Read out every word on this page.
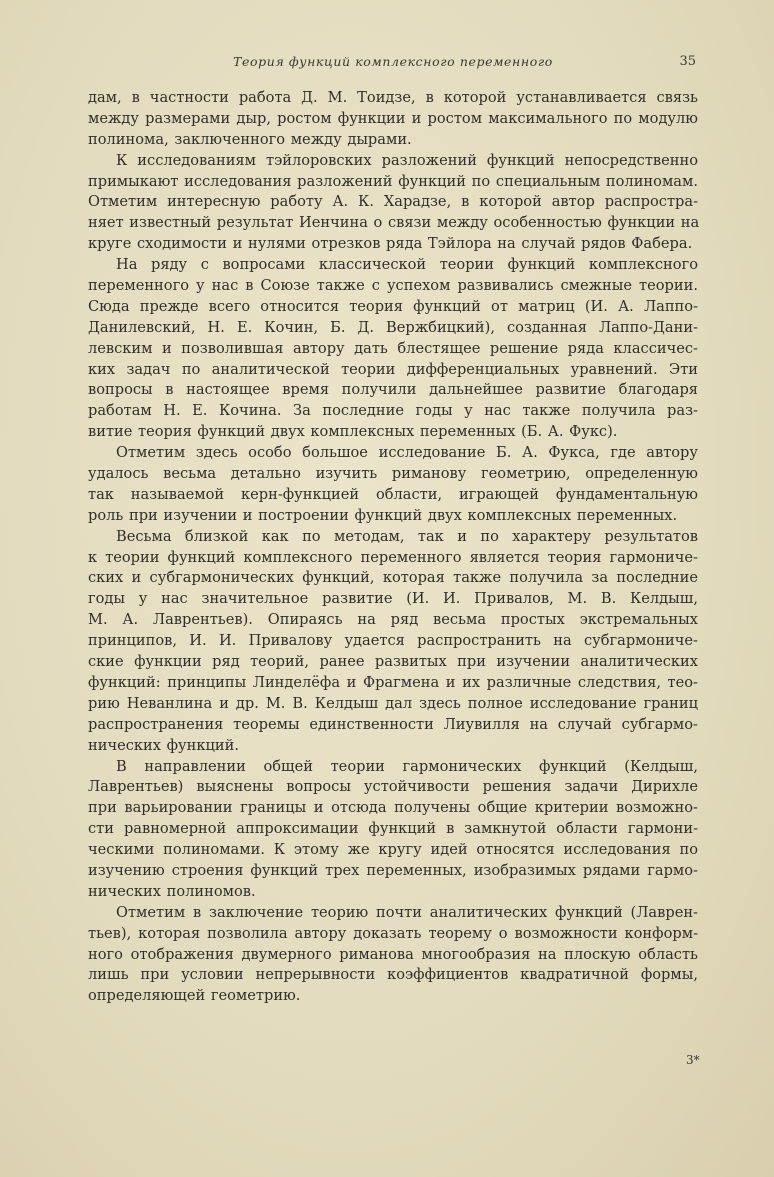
Теория функций комплексного переменного	35
дам, в частности работа Д. М. Тоидзе, в которой устанавливается связь
между размерами дыр, ростом функции и ростом максимального по модулю
полинома, заключенного между дырами.
К исследованиям тэйлоровских разложений функций непосредственно
примыкают исследования разложений функций по специальным полиномам.
Отметим интересную работу А. К. Харадзе, в которой автор распростра-
няет известный результат Иенчина о связи между особенностью функции на
круге сходимости и нулями отрезков ряда Тэйлора на случай рядов Фабера.
На ряду с вопросами классической теории функций комплексного
переменного у нас в Союзе также с успехом развивались смежные теории.
Сюда прежде всего относится теория функций от матриц (И. А. Лаппо-
Данилевский, Н. Е. Кочин, Б. Д. Вержбицкий), созданная Лаппо-Дани-
левским и позволившая автору дать блестящее решение ряда классичес-
ких задач по аналитической теории дифференциальных уравнений. Эти
вопросы в настоящее время получили дальнейшее развитие благодаря
работам Н. Е. Кочина. За последние годы у нас также получила раз-
витие теория функций двух комплексных переменных (Б. А. Фукс).
Отметим здесь особо большое исследование Б. А. Фукса, где автору
удалось весьма детально изучить риманову геометрию, определенную
так называемой керн-функцией области, играющей фундаментальную
роль при изучении и построении функций двух комплексных переменных.
Весьма близкой как по методам, так и по характеру результатов
к теории функций комплексного переменного является теория гармониче-
ских и субгармонических функций, которая также получила за последние
годы у нас значительное развитие (И. И. Привалов, М. В. Келдыш,
М. А. Лаврентьев). Опираясь на ряд весьма простых экстремальных
принципов, И. И. Привалову удается распространить на субгармониче-
ские функции ряд теорий, ранее развитых при изучении аналитических
функций: принципы Линделёфа и Фрагмена и их различные следствия, тео-
рию Неванлина и др. М. В. Келдыш дал здесь полное исследование границ
распространения теоремы единственности Лиувилля на случай субгармо-
нических функций.
В направлении общей теории гармонических функций (Келдыш,
Лаврентьев) выяснены вопросы устойчивости решения задачи Дирихле
при варьировании границы и отсюда получены общие критерии возможно-
сти равномерной аппроксимации функций в замкнутой области гармони-
ческими полиномами. К этому же кругу идей относятся исследования по
изучению строения функций трех переменных, изобразимых рядами гармо-
нических полиномов.
Отметим в заключение теорию почти аналитических функций (Лаврен-
тьев), которая позволила автору доказать теорему о возможности конформ-
ного отображения двумерного риманова многообразия на плоскую область
лишь при условии непрерывности коэффициентов квадратичной формы,
определяющей геометрию.
3*
